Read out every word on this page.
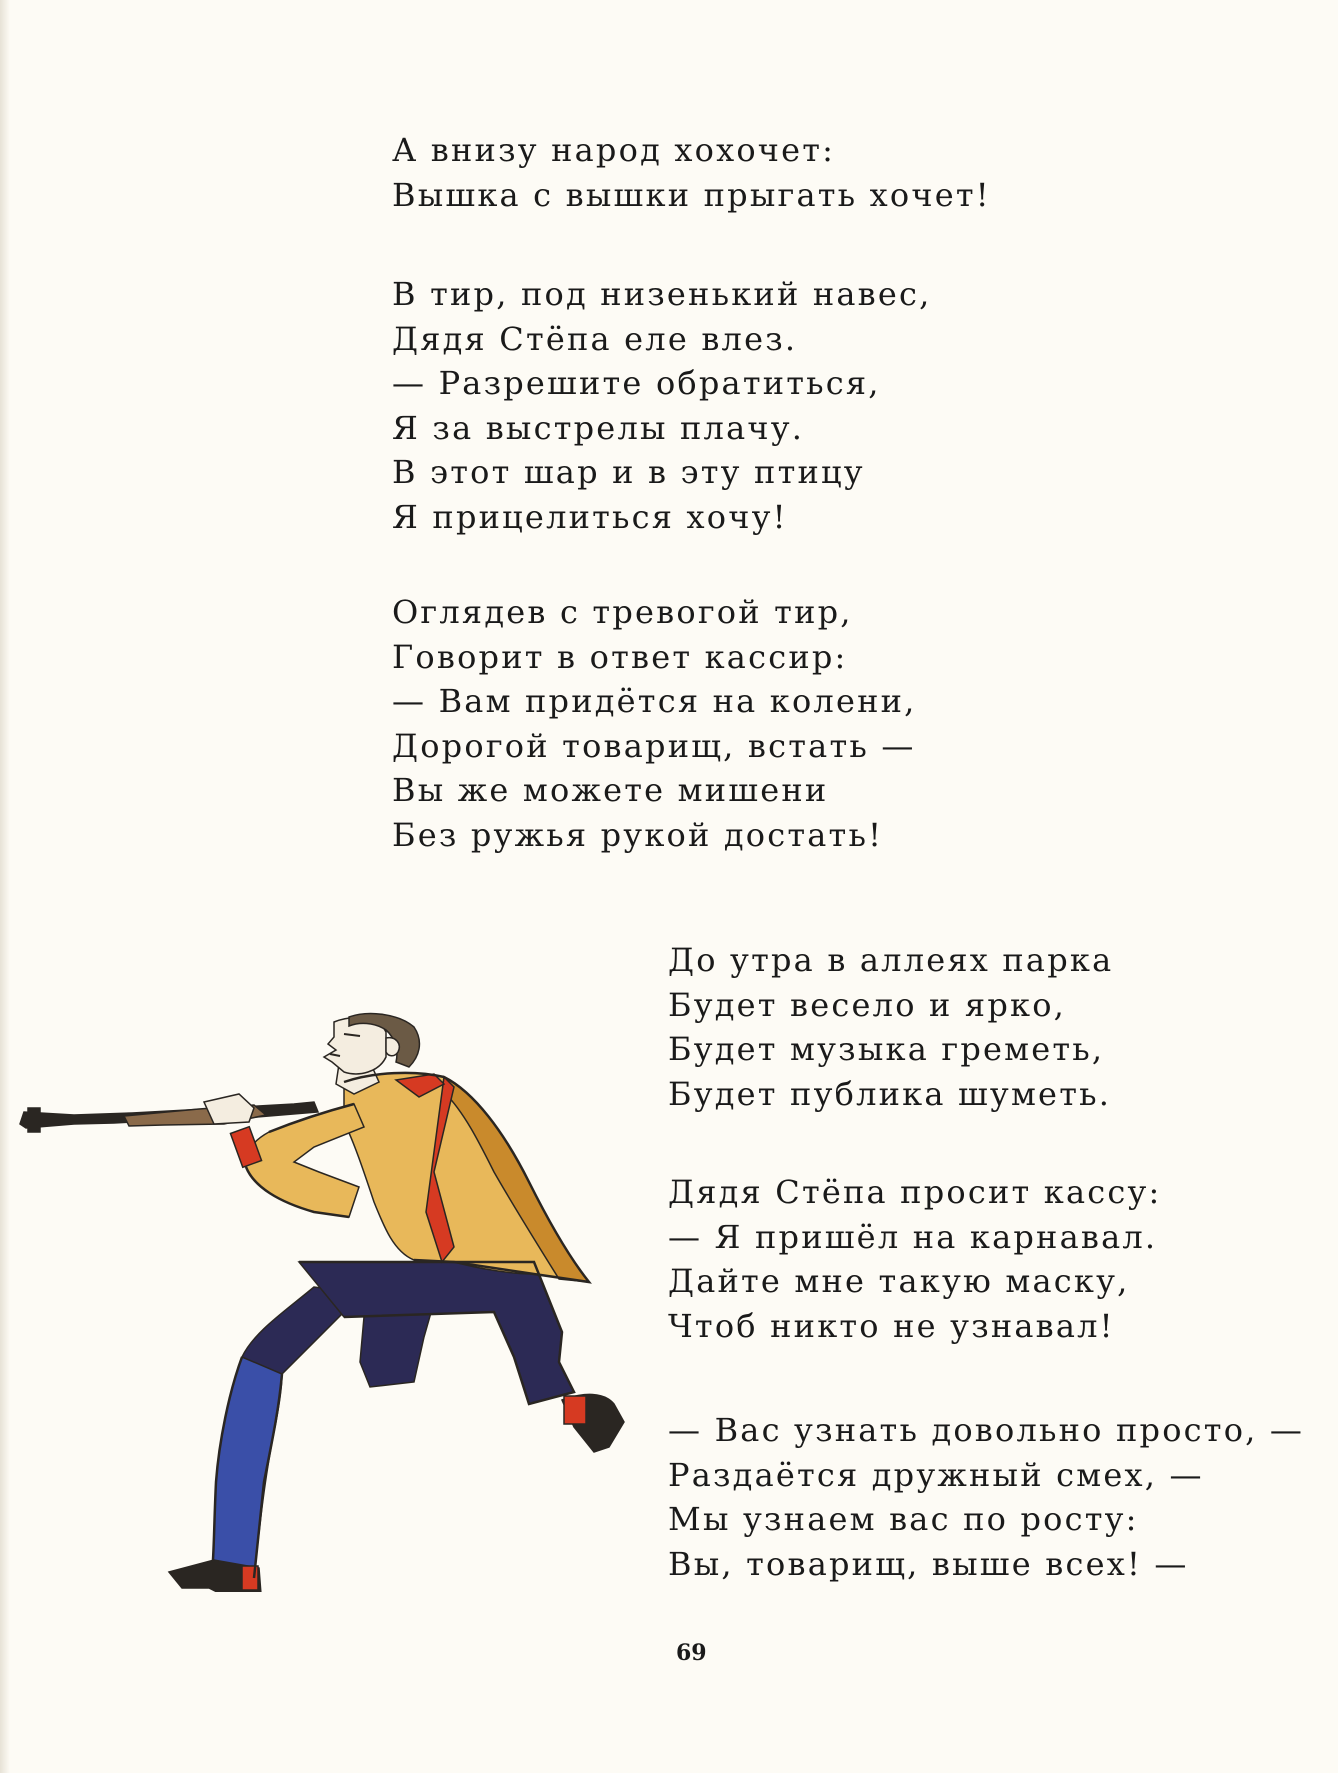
А внизу народ хохочет:
Вышка с вышки прыгать хочет!
В тир, под низенький навес,
Дядя Стёпа еле влез.
— Разрешите обратиться,
Я за выстрелы плачу.
В этот шар и в эту птицу
Я прицелиться хочу!
Оглядев с тревогой тир,
Говорит в ответ кассир:
— Вам придётся на колени,
Дорогой товарищ, встать —
Вы же можете мишени
Без ружья рукой достать!
До утра в аллеях парка
Будет весело и ярко,
Будет музыка греметь,
Будет публика шуметь.
Дядя Стёпа просит кассу:
— Я пришёл на карнавал.
Дайте мне такую маску,
Чтоб никто не узнавал!
— Вас узнать довольно просто, —
Раздаётся дружный смех, —
Мы узнаем вас по росту:
Вы, товарищ, выше всех! —
69
